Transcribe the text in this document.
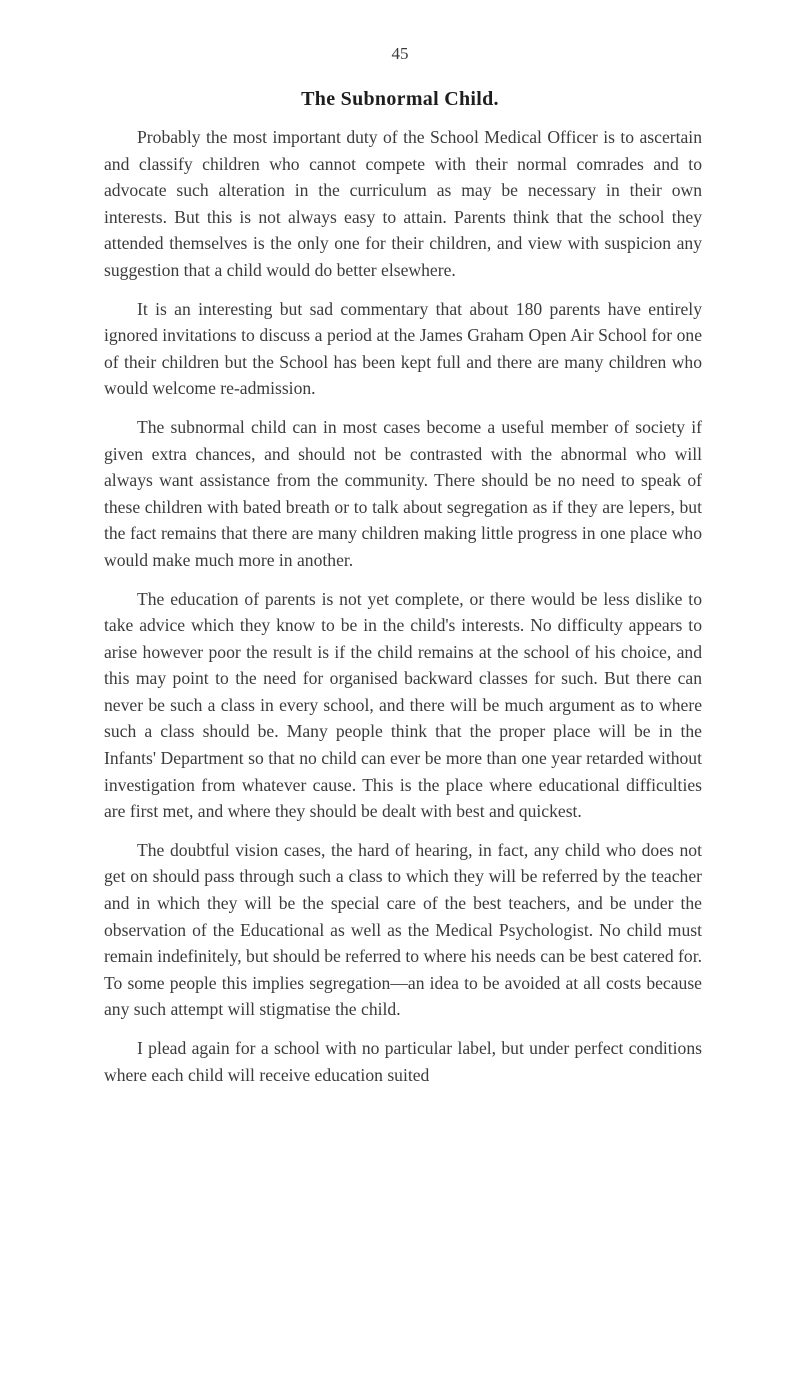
45
The Subnormal Child.

Probably the most important duty of the School Medical Officer is to ascertain and classify children who cannot compete with their normal comrades and to advocate such alteration in the curriculum as may be necessary in their own interests. But this is not always easy to attain. Parents think that the school they attended themselves is the only one for their children, and view with suspicion any suggestion that a child would do better elsewhere.

It is an interesting but sad commentary that about 180 parents have entirely ignored invitations to discuss a period at the James Graham Open Air School for one of their children but the School has been kept full and there are many children who would welcome re-admission.

The subnormal child can in most cases become a useful member of society if given extra chances, and should not be contrasted with the abnormal who will always want assistance from the community. There should be no need to speak of these children with bated breath or to talk about segregation as if they are lepers, but the fact remains that there are many children making little progress in one place who would make much more in another.

The education of parents is not yet complete, or there would be less dislike to take advice which they know to be in the child's interests. No difficulty appears to arise however poor the result is if the child remains at the school of his choice, and this may point to the need for organised backward classes for such. But there can never be such a class in every school, and there will be much argument as to where such a class should be. Many people think that the proper place will be in the Infants' Department so that no child can ever be more than one year retarded without investigation from whatever cause. This is the place where educational difficulties are first met, and where they should be dealt with best and quickest.

The doubtful vision cases, the hard of hearing, in fact, any child who does not get on should pass through such a class to which they will be referred by the teacher and in which they will be the special care of the best teachers, and be under the observation of the Educational as well as the Medical Psychologist. No child must remain indefinitely, but should be referred to where his needs can be best catered for. To some people this implies segregation—an idea to be avoided at all costs because any such attempt will stigmatise the child.

I plead again for a school with no particular label, but under perfect conditions where each child will receive education suited
